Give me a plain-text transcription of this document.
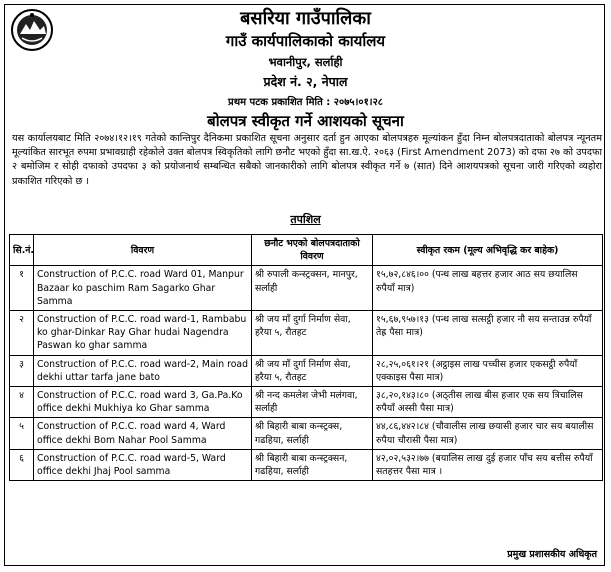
बसरिया गाउँपालिका
गाउँ कार्यपालिकाको कार्यालय
भवानीपुर, सर्लाही
प्रदेश नं. २, नेपाल
प्रथम पटक प्रकाशित मिति : २०७५।०१।२८
बोलपत्र स्वीकृत गर्ने आशयको सूचना
यस कार्यालयबाट मिति २०७४।१२।१९ गतेको कान्तिपुर दैनिकमा प्रकाशित सूचना अनुसार दर्ता हुन आएका बोलपत्रहरु मूल्यांकन हुँदा निम्न बोलपत्रदाताको बोलपत्र न्यूनतम मूल्यांकित सारभूत रुपमा प्रभावग्राही रहेकोले उक्त बोलपत्र स्विकृतिको लागि छनौट भएको हुँदा सा.ख.ऐ. २०६३ (First Amendment 2073) को दफा २७ को उपदफा २ बमोजिम र सोही दफाको उपदफा ३ को प्रयोजनार्थ सम्बन्धित सबैको जानकारीको लागि बोलपत्र स्वीकृत गर्ने ७ (सात) दिने आशयपत्रको सूचना जारी गरिएको व्यहोरा प्रकाशित गरिएको छ ।
तपशिल
सि.नं.	विवरण	छनौट भएको बोलपत्रदाताको विवरण	स्वीकृत रकम (मूल्य अभिवृद्धि कर बाहेक)
१	Construction of P.C.C. road Ward 01, Manpur Bazaar ko paschim Ram Sagarko Ghar Samma	श्री रुपाली कन्स्ट्रक्सन, मानपुर, सर्लाही	१५,७२,८४६।०० (पन्ध लाख बहत्तर हजार आठ सय छयालिस रुपैयाँ मात्र)
२	Construction of P.C.C. road ward-1, Rambabu ko ghar-Dinkar Ray Ghar hudai Nagendra Paswan ko ghar samma	श्री जय माँ दुर्गा निर्माण सेवा, हरैया ५, रौतहट	१५,६७,९५७।१३ (पन्ध लाख सत्सट्ठी हजार नौ सय सन्ताउन्न रुपैयाँ तेह्र पैसा मात्र)
३	Construction of P.C.C. road ward-2, Main road dekhi uttar tarfa jane bato	श्री जय माँ दुर्गा निर्माण सेवा, हरैया ५, रौतहट	२८,२५,०६१।२१ (अट्ठाइस लाख पच्चीस हजार एकसट्ठी रुपैयाँ एक्काइस पैसा मात्र)
४	Construction of P.C.C. road ward 3, Ga.Pa.Ko office dekhi Mukhiya ko Ghar samma	श्री नन्द कमलेश जेभी मलंगवा, सर्लाही	३८,२०,१४३।८० (अठ्तीस लाख बीस हजार एक सय त्रिचालिस रुपैयाँ अस्सी पैसा मात्र)
५	Construction of P.C.C. road ward 4, Ward office dekhi Bom Nahar Pool Samma	श्री बिहारी बाबा कन्स्ट्रक्स, गढहिया, सर्लाही	४४,८६,४४२।८४ (चौवालीस लाख छयासी हजार चार सय बयालीस रुपैया चौरासी पैसा मात्र)
६	Construction of P.C.C. road ward-5, Ward office dekhi Jhaj Pool samma	श्री बिहारी बाबा कन्स्ट्रक्सन, गढहिया, सर्लाही	४२,०२,५३२।७७ (बयालिस लाख दुई हजार पाँच सय बत्तीस रुपैयाँ सतहत्तर पैसा मात्र ।
प्रमुख प्रशासकीय अधिकृत
